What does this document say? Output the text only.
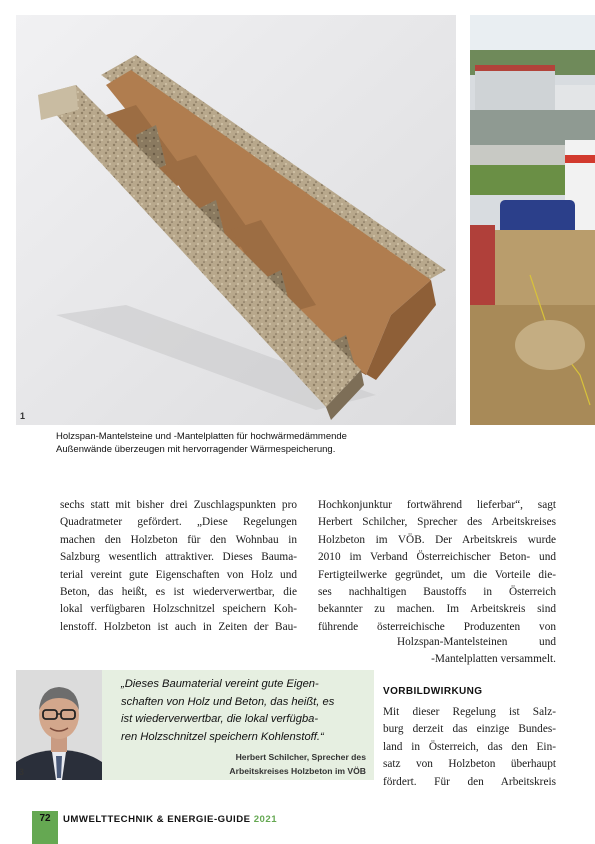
1
Holzspan-Mantelsteine und -Mantelplatten für hochwärmedämmende
Außenwände überzeugen mit hervorragender Wärmespeicherung.
sechs statt mit bisher drei Zuschlagspunkten pro
Quadratmeter gefördert. „Diese Regelungen
machen den Holzbeton für den Wohnbau in
Salzburg wesentlich attraktiver. Dieses Bauma-
terial vereint gute Eigenschaften von Holz und
Beton, das heißt, es ist wiederverwertbar, die
lokal verfügbaren Holzschnitzel speichern Koh-
lenstoff. Holzbeton ist auch in Zeiten der Bau-
Hochkonjunktur fortwährend lieferbar“, sagt
Herbert Schilcher, Sprecher des Arbeitskreises
Holzbeton im VÖB. Der Arbeitskreis wurde
2010 im Verband Österreichischer Beton- und
Fertigteilwerke gegründet, um die Vorteile die-
ses nachhaltigen Baustoffs in Österreich
bekannter zu machen. Im Arbeitskreis sind
führende österreichische Produzenten von
Holzspan-Mantelsteinen und
-Mantelplatten versammelt.
VORBILDWIRKUNG
Mit dieser Regelung ist Salz-
burg derzeit das einzige Bundes-
land in Österreich, das den Ein-
satz von Holzbeton überhaupt
fördert. Für den Arbeitskreis
3
„Dieses Baumaterial vereint gute Eigen-
schaften von Holz und Beton, das heißt, es
ist wiederverwertbar, die lokal verfügba-
ren Holzschnitzel speichern Kohlenstoff.“
Herbert Schilcher, Sprecher des
Arbeitskreises Holzbeton im VÖB
72	UMWELTTECHNIK & ENERGIE-GUIDE 2021
